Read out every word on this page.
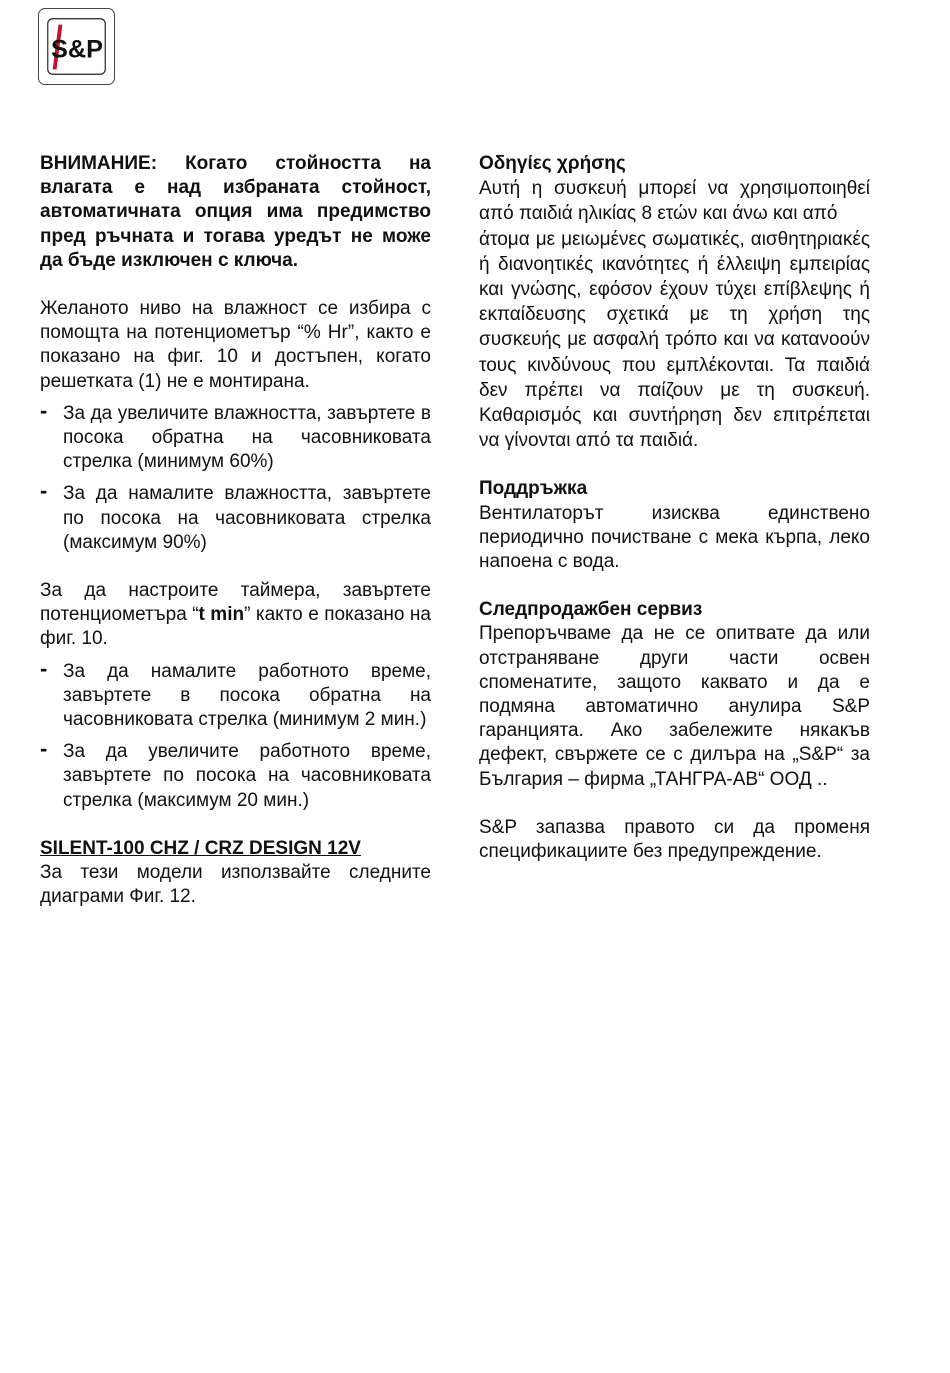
S&P

ВНИМАНИЕ: Когато стойността на влагата е над избраната стойност, автоматичната опция има предимство пред ръчната и тогава уредът не може да бъде изключен с ключа.

Желаното ниво на влажност се избира с помощта на потенциометър “% Hr”, както е показано на фиг. 10 и достъпен, когато решетката (1) не е монтирана.

- За да увеличите влажността, завъртете в посока обратна на часовниковата стрелка (минимум 60%)
- За да намалите влажността, завъртете по посока на часовниковата стрелка (максимум 90%)

За да настроите таймера, завъртете потенциометъра “t min” както е показано на фиг. 10.

- За да намалите работното време, завъртете в посока обратна на часовниковата стрелка (минимум 2 мин.)
- За да увеличите работното време, завъртете по посока на часовниковата стрелка (максимум 20 мин.)

SILENT-100 CHZ / CRZ DESIGN 12V

За тези модели използвайте следните диаграми Фиг. 12.

Οδηγίες χρήσης

Αυτή η συσκευή μπορεί να χρησιμοποιηθεί από παιδιά ηλικίας 8 ετών και άνω και από

άτομα με μειωμένες σωματικές, αισθητηριακές ή διανοητικές ικανότητες ή έλλειψη εμπειρίας και γνώσης, εφόσον έχουν τύχει επίβλεψης ή εκπαίδευσης σχετικά με τη χρήση της συσκευής με ασφαλή τρόπο και να κατανοούν τους κινδύνους που εμπλέκονται. Τα παιδιά δεν πρέπει να παίζουν με τη συσκευή. Καθαρισμός και συντήρηση δεν επιτρέπεται να γίνονται από τα παιδιά.

Поддръжка

Вентилаторът изисква единствено периодично почистване с мека кърпа, леко напоена с вода.

Следпродажбен сервиз

Препоръчваме да не се опитвате да или отстраняване други части освен споменатите, защото каквато и да е подмяна автоматично анулира S&P гаранцията. Ако забележите някакъв дефект, свържете се с дилъра на „S&P“ за България – фирма „ТАНГРА-АВ“ ООД ..

S&P запазва правото си да променя спецификациите без предупреждение.
